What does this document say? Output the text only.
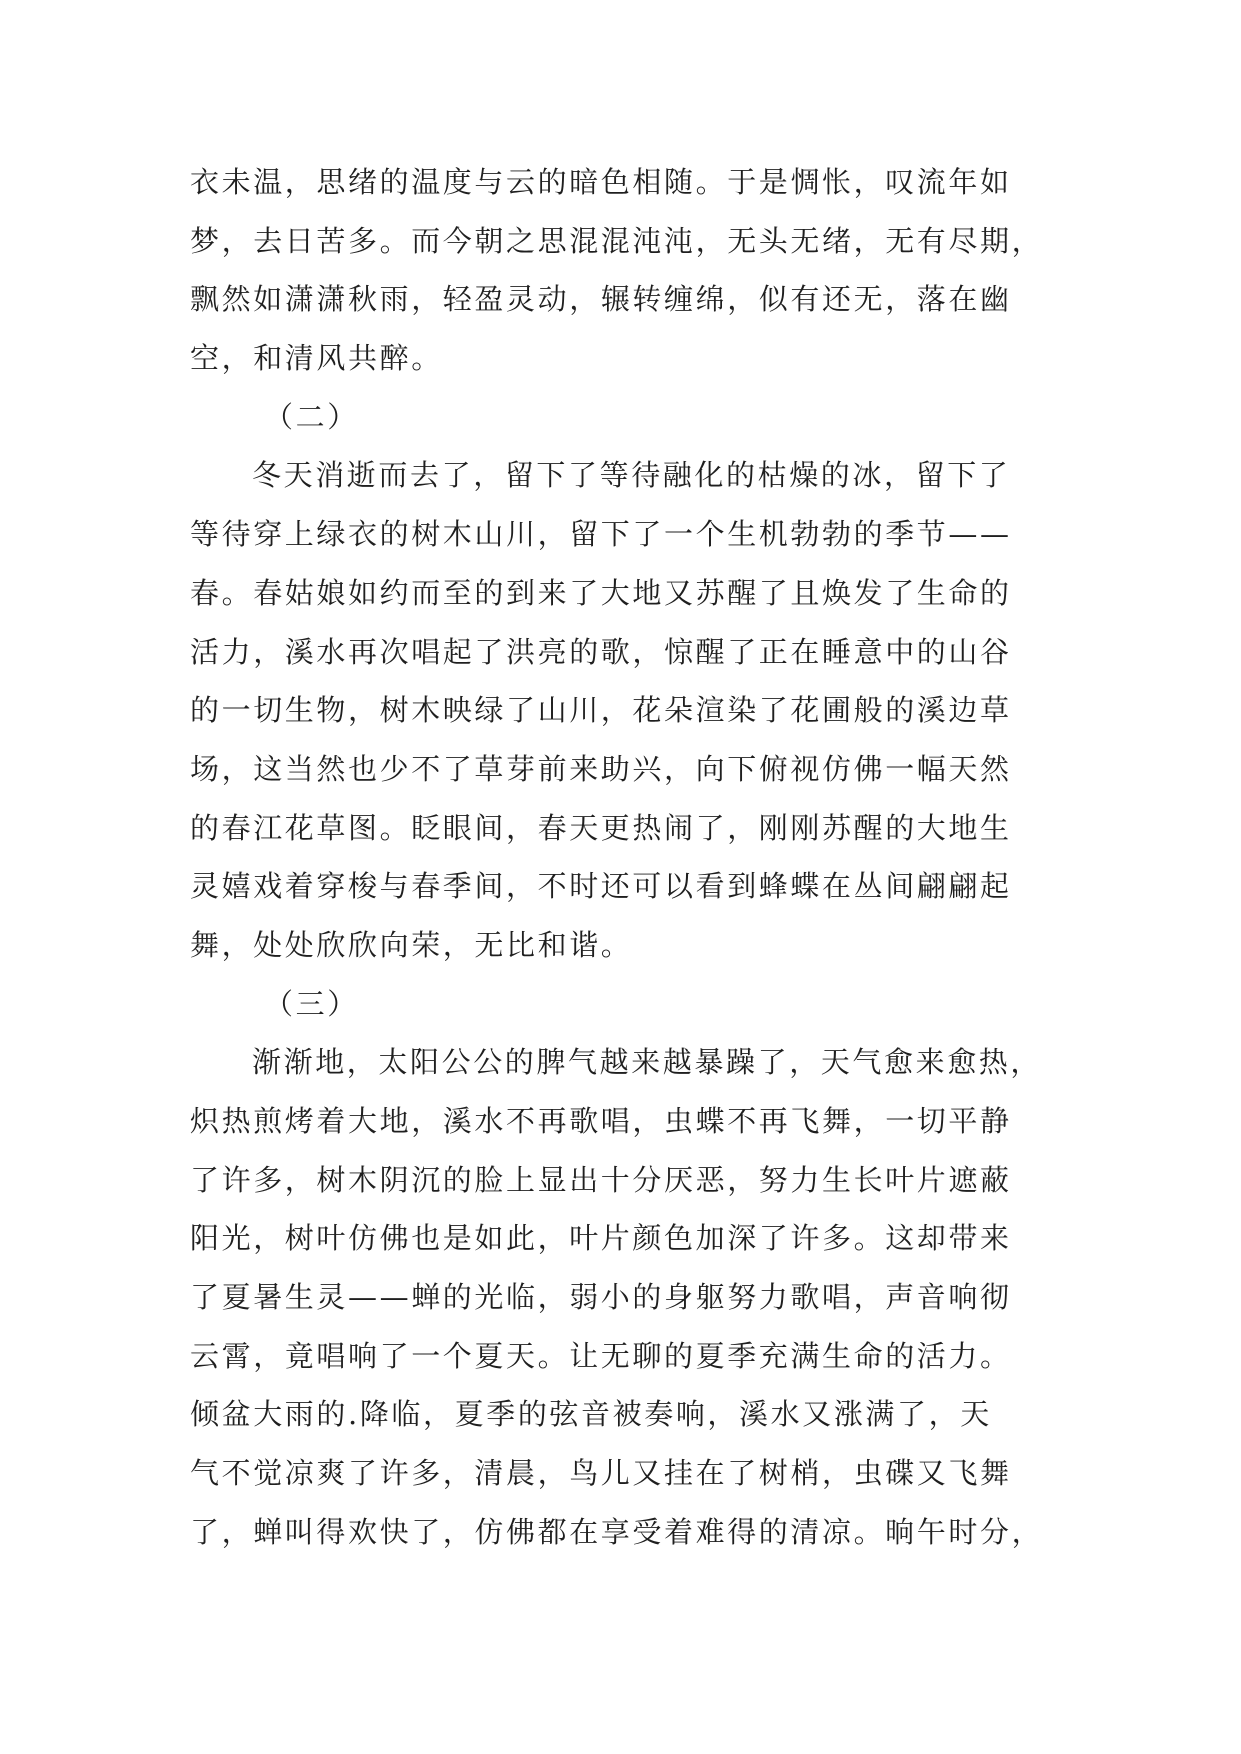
衣未温，思绪的温度与云的暗色相随。于是惆怅，叹流年如
梦，去日苦多。而今朝之思混混沌沌，无头无绪，无有尽期，
飘然如潇潇秋雨，轻盈灵动，辗转缠绵，似有还无，落在幽
空，和清风共醉。
（二）
冬天消逝而去了，留下了等待融化的枯燥的冰，留下了
等待穿上绿衣的树木山川，留下了一个生机勃勃的季节——
春。春姑娘如约而至的到来了大地又苏醒了且焕发了生命的
活力，溪水再次唱起了洪亮的歌，惊醒了正在睡意中的山谷
的一切生物，树木映绿了山川，花朵渲染了花圃般的溪边草
场，这当然也少不了草芽前来助兴，向下俯视仿佛一幅天然
的春江花草图。眨眼间，春天更热闹了，刚刚苏醒的大地生
灵嬉戏着穿梭与春季间，不时还可以看到蜂蝶在丛间翩翩起
舞，处处欣欣向荣，无比和谐。
（三）
渐渐地，太阳公公的脾气越来越暴躁了，天气愈来愈热，
炽热煎烤着大地，溪水不再歌唱，虫蝶不再飞舞，一切平静
了许多，树木阴沉的脸上显出十分厌恶，努力生长叶片遮蔽
阳光，树叶仿佛也是如此，叶片颜色加深了许多。这却带来
了夏暑生灵——蝉的光临，弱小的身躯努力歌唱，声音响彻
云霄，竟唱响了一个夏天。让无聊的夏季充满生命的活力。
倾盆大雨的.降临，夏季的弦音被奏响，溪水又涨满了，天
气不觉凉爽了许多，清晨，鸟儿又挂在了树梢，虫碟又飞舞
了，蝉叫得欢快了，仿佛都在享受着难得的清凉。晌午时分，
